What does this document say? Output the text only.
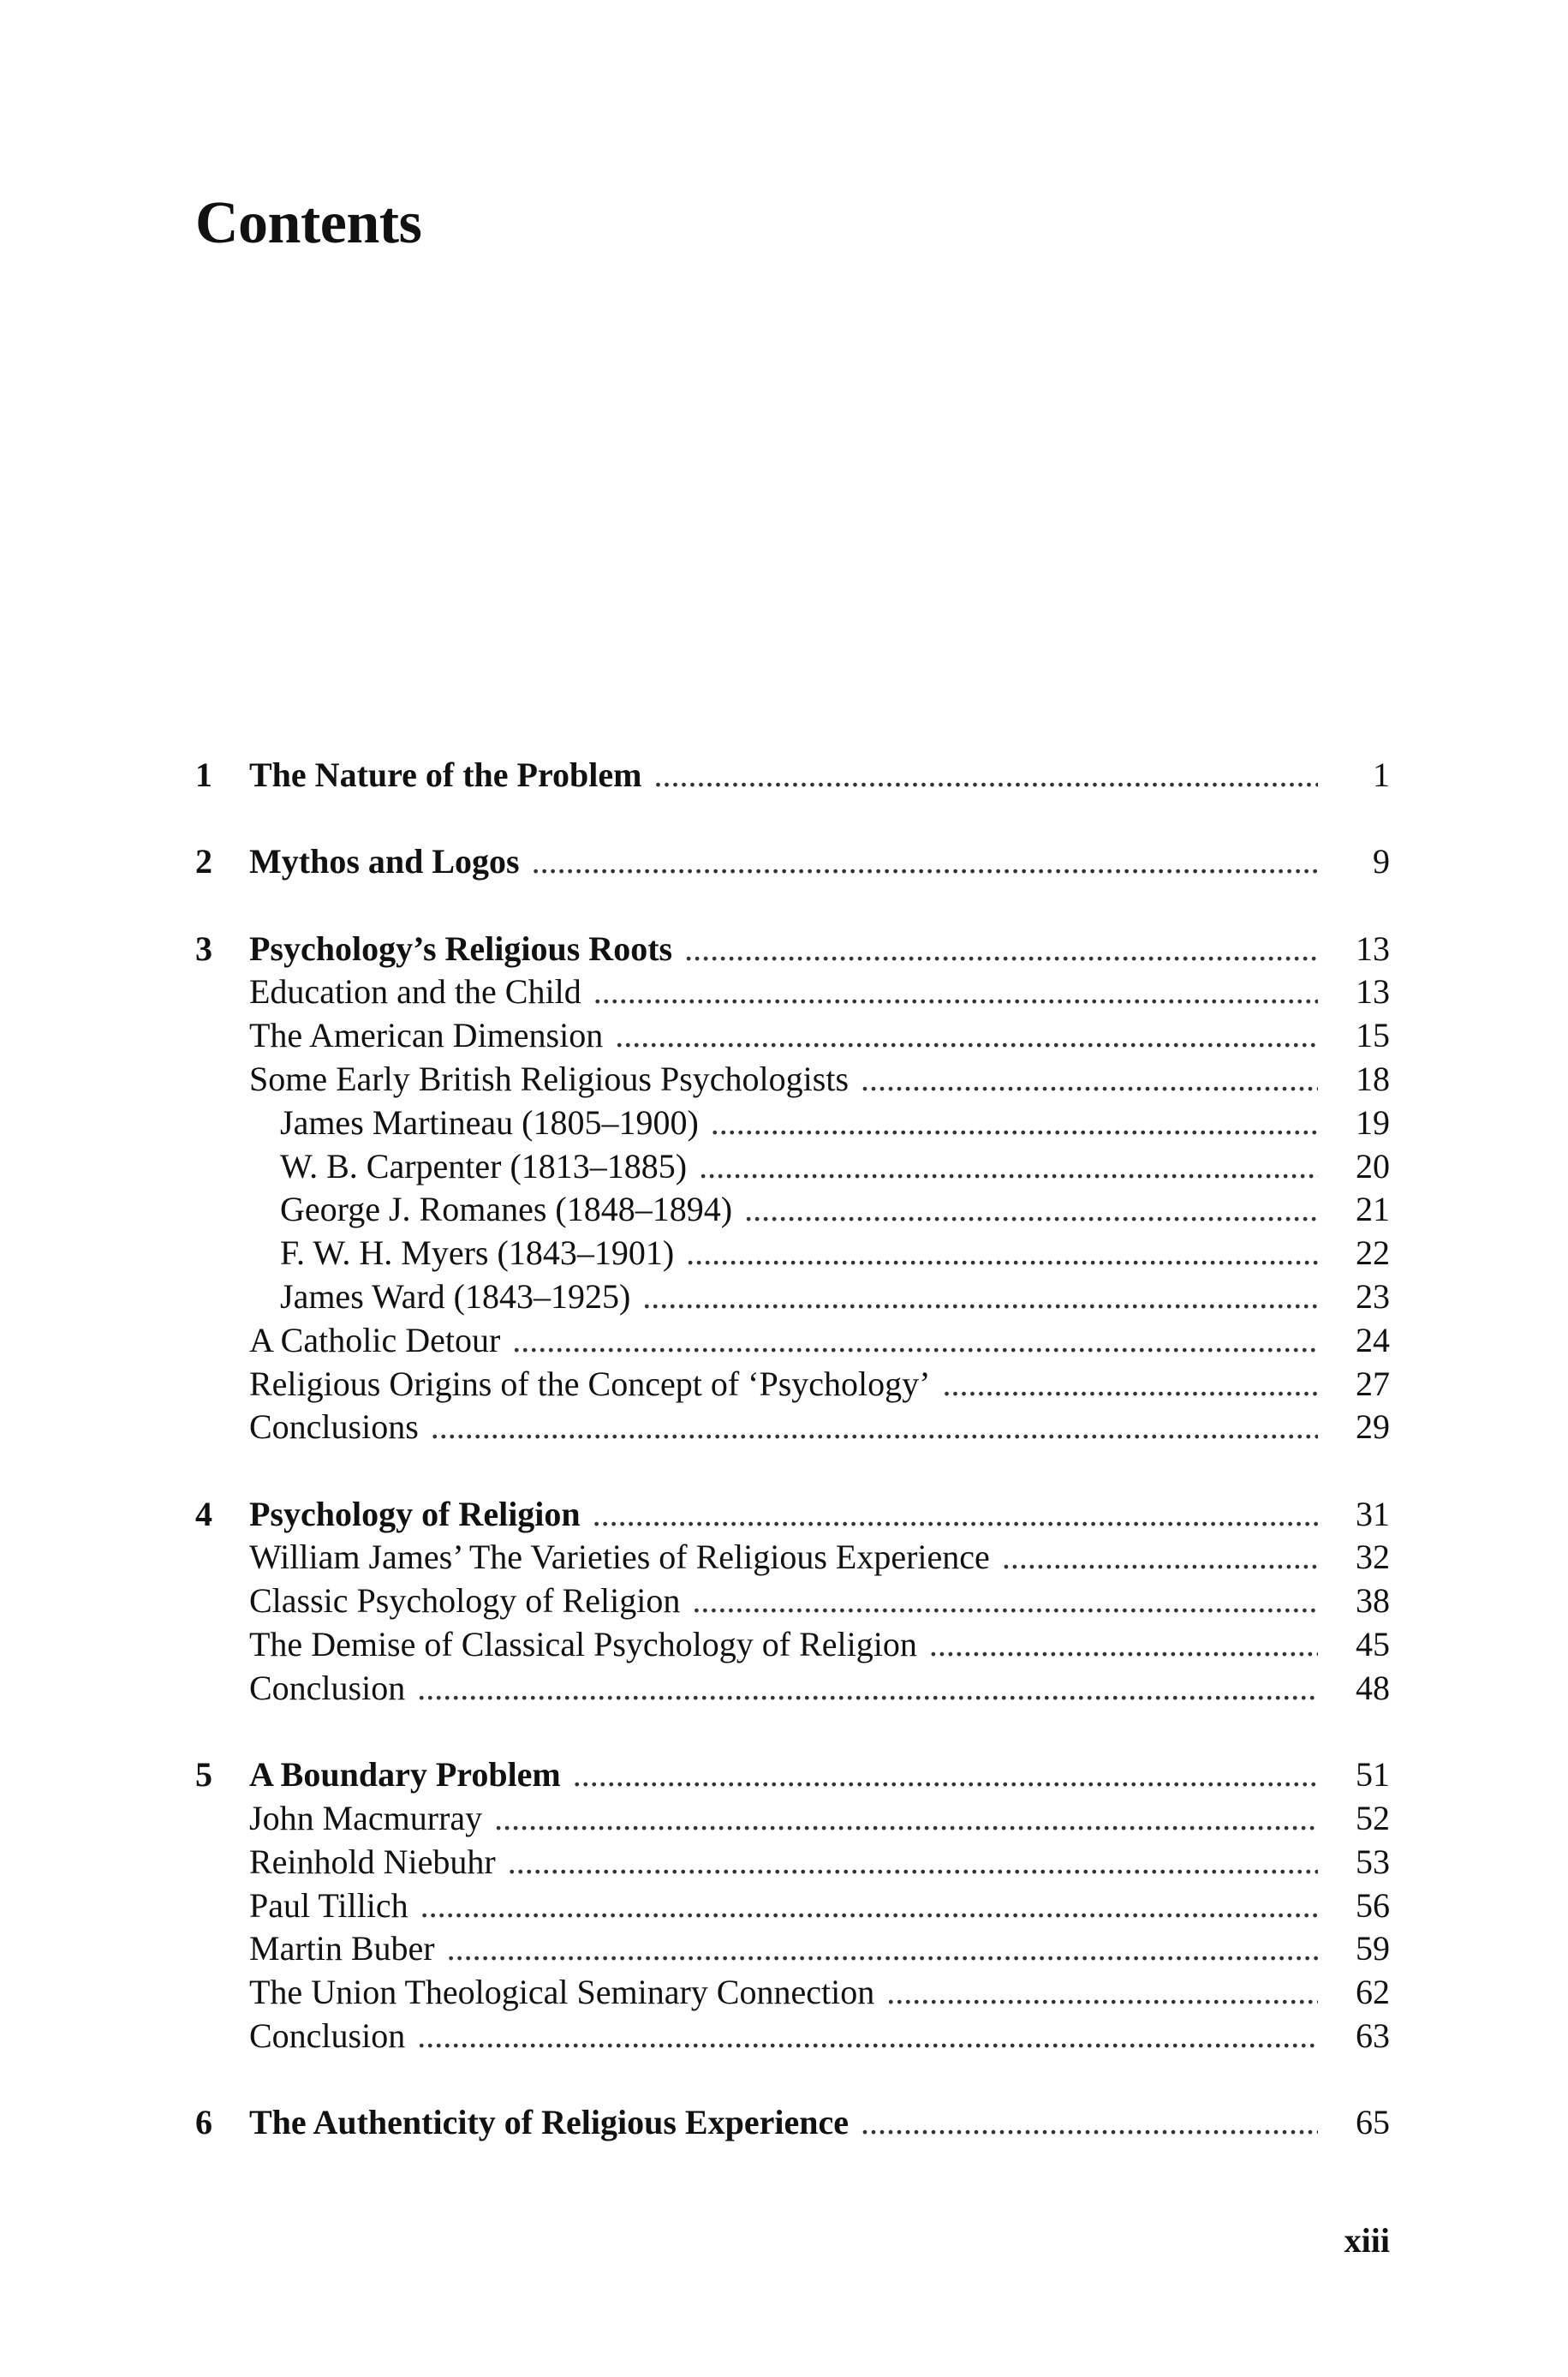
Contents
1	The Nature of the Problem . . .	1
2	Mythos and Logos . . .	9
3	Psychology’s Religious Roots . . .	13
Education and the Child . . .	13
The American Dimension . . .	15
Some Early British Religious Psychologists . . .	18
James Martineau (1805–1900) . . .	19
W. B. Carpenter (1813–1885) . . .	20
George J. Romanes (1848–1894) . . .	21
F. W. H. Myers (1843–1901) . . .	22
James Ward (1843–1925) . . .	23
A Catholic Detour . . .	24
Religious Origins of the Concept of ‘Psychology’ . . .	27
Conclusions . . .	29
4	Psychology of Religion . . .	31
William James’ The Varieties of Religious Experience . . .	32
Classic Psychology of Religion . . .	38
The Demise of Classical Psychology of Religion . . .	45
Conclusion . . .	48
5	A Boundary Problem . . .	51
John Macmurray . . .	52
Reinhold Niebuhr . . .	53
Paul Tillich . . .	56
Martin Buber . . .	59
The Union Theological Seminary Connection . . .	62
Conclusion . . .	63
6	The Authenticity of Religious Experience . . .	65
xiii
